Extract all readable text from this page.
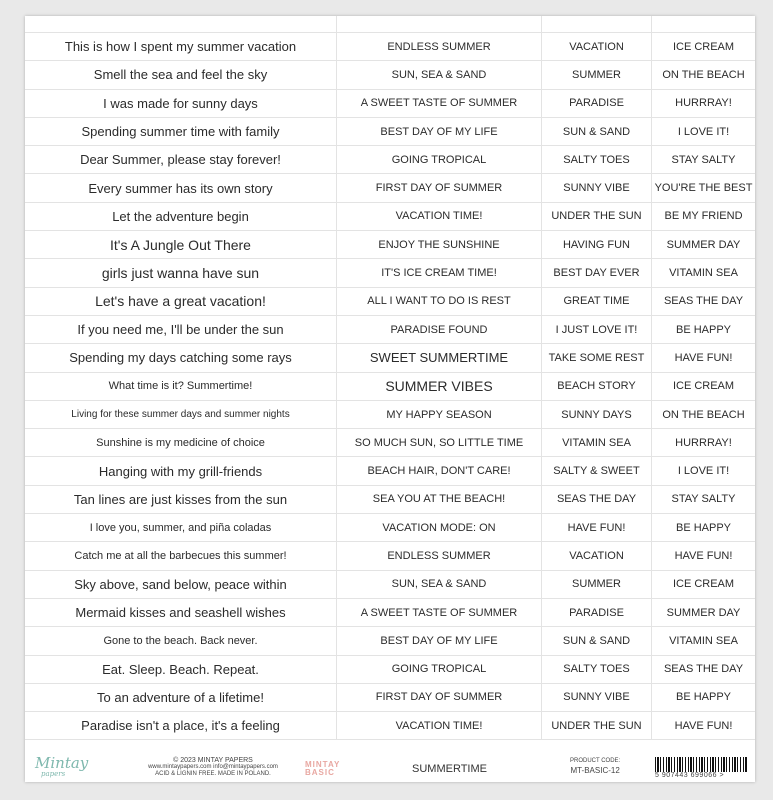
This is how I spent my summer vacation	ENDLESS SUMMER	VACATION	ICE CREAM
Smell the sea and feel the sky	SUN, SEA & SAND	SUMMER	ON THE BEACH
I was made for sunny days	A SWEET TASTE OF SUMMER	PARADISE	HURRRAY!
Spending summer time with family	BEST DAY OF MY LIFE	SUN & SAND	I LOVE IT!
Dear Summer, please stay forever!	GOING TROPICAL	SALTY TOES	STAY SALTY
Every summer has its own story	FIRST DAY OF SUMMER	SUNNY VIBE	YOU'RE THE BEST
Let the adventure begin	VACATION TIME!	UNDER THE SUN	BE MY FRIEND
It's A Jungle Out There	ENJOY THE SUNSHINE	HAVING FUN	SUMMER DAY
girls just wanna have sun	IT'S ICE CREAM TIME!	BEST DAY EVER	VITAMIN SEA
Let's have a great vacation!	ALL I WANT TO DO IS REST	GREAT TIME	SEAS THE DAY
If you need me, I'll be under the sun	PARADISE FOUND	I JUST LOVE IT!	BE HAPPY
Spending my days catching some rays	SWEET SUMMERTIME	TAKE SOME REST	HAVE FUN!
What time is it? Summertime!	SUMMER VIBES	BEACH STORY	ICE CREAM
Living for these summer days and summer nights	MY HAPPY SEASON	SUNNY DAYS	ON THE BEACH
Sunshine is my medicine of choice	SO MUCH SUN, SO LITTLE TIME	VITAMIN SEA	HURRRAY!
Hanging with my grill-friends	BEACH HAIR, DON'T CARE!	SALTY & SWEET	I LOVE IT!
Tan lines are just kisses from the sun	SEA YOU AT THE BEACH!	SEAS THE DAY	STAY SALTY
I love you, summer, and piña coladas	VACATION MODE: ON	HAVE FUN!	BE HAPPY
Catch me at all the barbecues this summer!	ENDLESS SUMMER	VACATION	HAVE FUN!
Sky above, sand below, peace within	SUN, SEA & SAND	SUMMER	ICE CREAM
Mermaid kisses and seashell wishes	A SWEET TASTE OF SUMMER	PARADISE	SUMMER DAY
Gone to the beach. Back never.	BEST DAY OF MY LIFE	SUN & SAND	VITAMIN SEA
Eat. Sleep. Beach. Repeat.	GOING TROPICAL	SALTY TOES	SEAS THE DAY
To an adventure of a lifetime!	FIRST DAY OF SUMMER	SUNNY VIBE	BE HAPPY
Paradise isn't a place, it's a feeling	VACATION TIME!	UNDER THE SUN	HAVE FUN!
Mintay
papers
© 2023 MINTAY PAPERS
www.mintaypapers.com info@mintaypapers.com
ACID & LIGNIN FREE. MADE IN POLAND.
MINTAY
BASIC	SUMMERTIME
PRODUCT CODE:
MT-BASIC-12
5 907443 699066 >
